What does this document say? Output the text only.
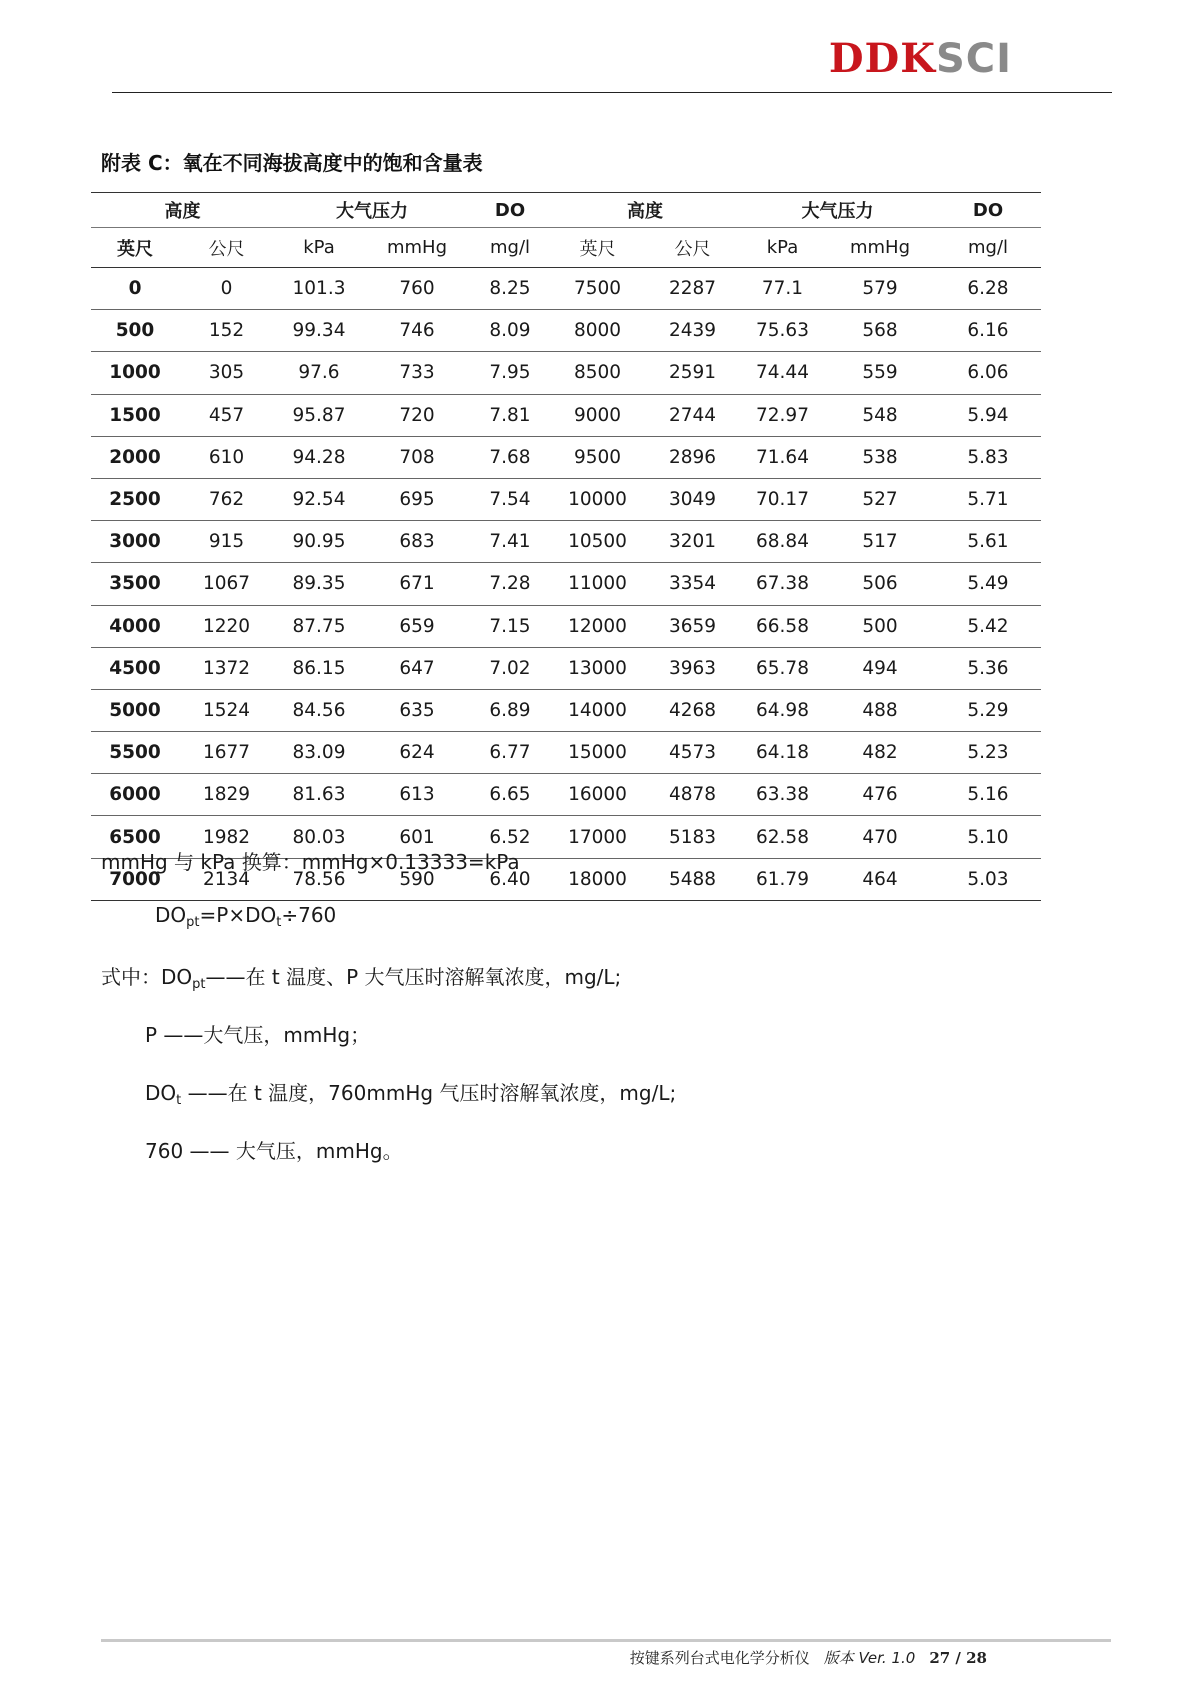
DDKSCI
附表 C：氧在不同海拔高度中的饱和含量表
高度		大气压力		DO	高度		大气压力		DO
英尺	公尺	kPa	mmHg	mg/l	英尺	公尺	kPa	mmHg	mg/l
0	0	101.3	760	8.25	7500	2287	77.1	579	6.28
500	152	99.34	746	8.09	8000	2439	75.63	568	6.16
1000	305	97.6	733	7.95	8500	2591	74.44	559	6.06
1500	457	95.87	720	7.81	9000	2744	72.97	548	5.94
2000	610	94.28	708	7.68	9500	2896	71.64	538	5.83
2500	762	92.54	695	7.54	10000	3049	70.17	527	5.71
3000	915	90.95	683	7.41	10500	3201	68.84	517	5.61
3500	1067	89.35	671	7.28	11000	3354	67.38	506	5.49
4000	1220	87.75	659	7.15	12000	3659	66.58	500	5.42
4500	1372	86.15	647	7.02	13000	3963	65.78	494	5.36
5000	1524	84.56	635	6.89	14000	4268	64.98	488	5.29
5500	1677	83.09	624	6.77	15000	4573	64.18	482	5.23
6000	1829	81.63	613	6.65	16000	4878	63.38	476	5.16
6500	1982	80.03	601	6.52	17000	5183	62.58	470	5.10
7000	2134	78.56	590	6.40	18000	5488	61.79	464	5.03
mmHg 与 kPa 换算：mmHg×0.13333=kPa
$DO_{pt}=P\times DO_t\div 760$
式中：$DO_{pt}——$在 t 温度、P 大气压时溶解氧浓度，mg/L;
P ——大气压，mmHg；
$DO_t$ ——在 t 温度，760mmHg 气压时溶解氧浓度，mg/L;
760 —— 大气压，mmHg。
按键系列台式电化学分析仪 版本 Ver. 1.0 27 / 28
